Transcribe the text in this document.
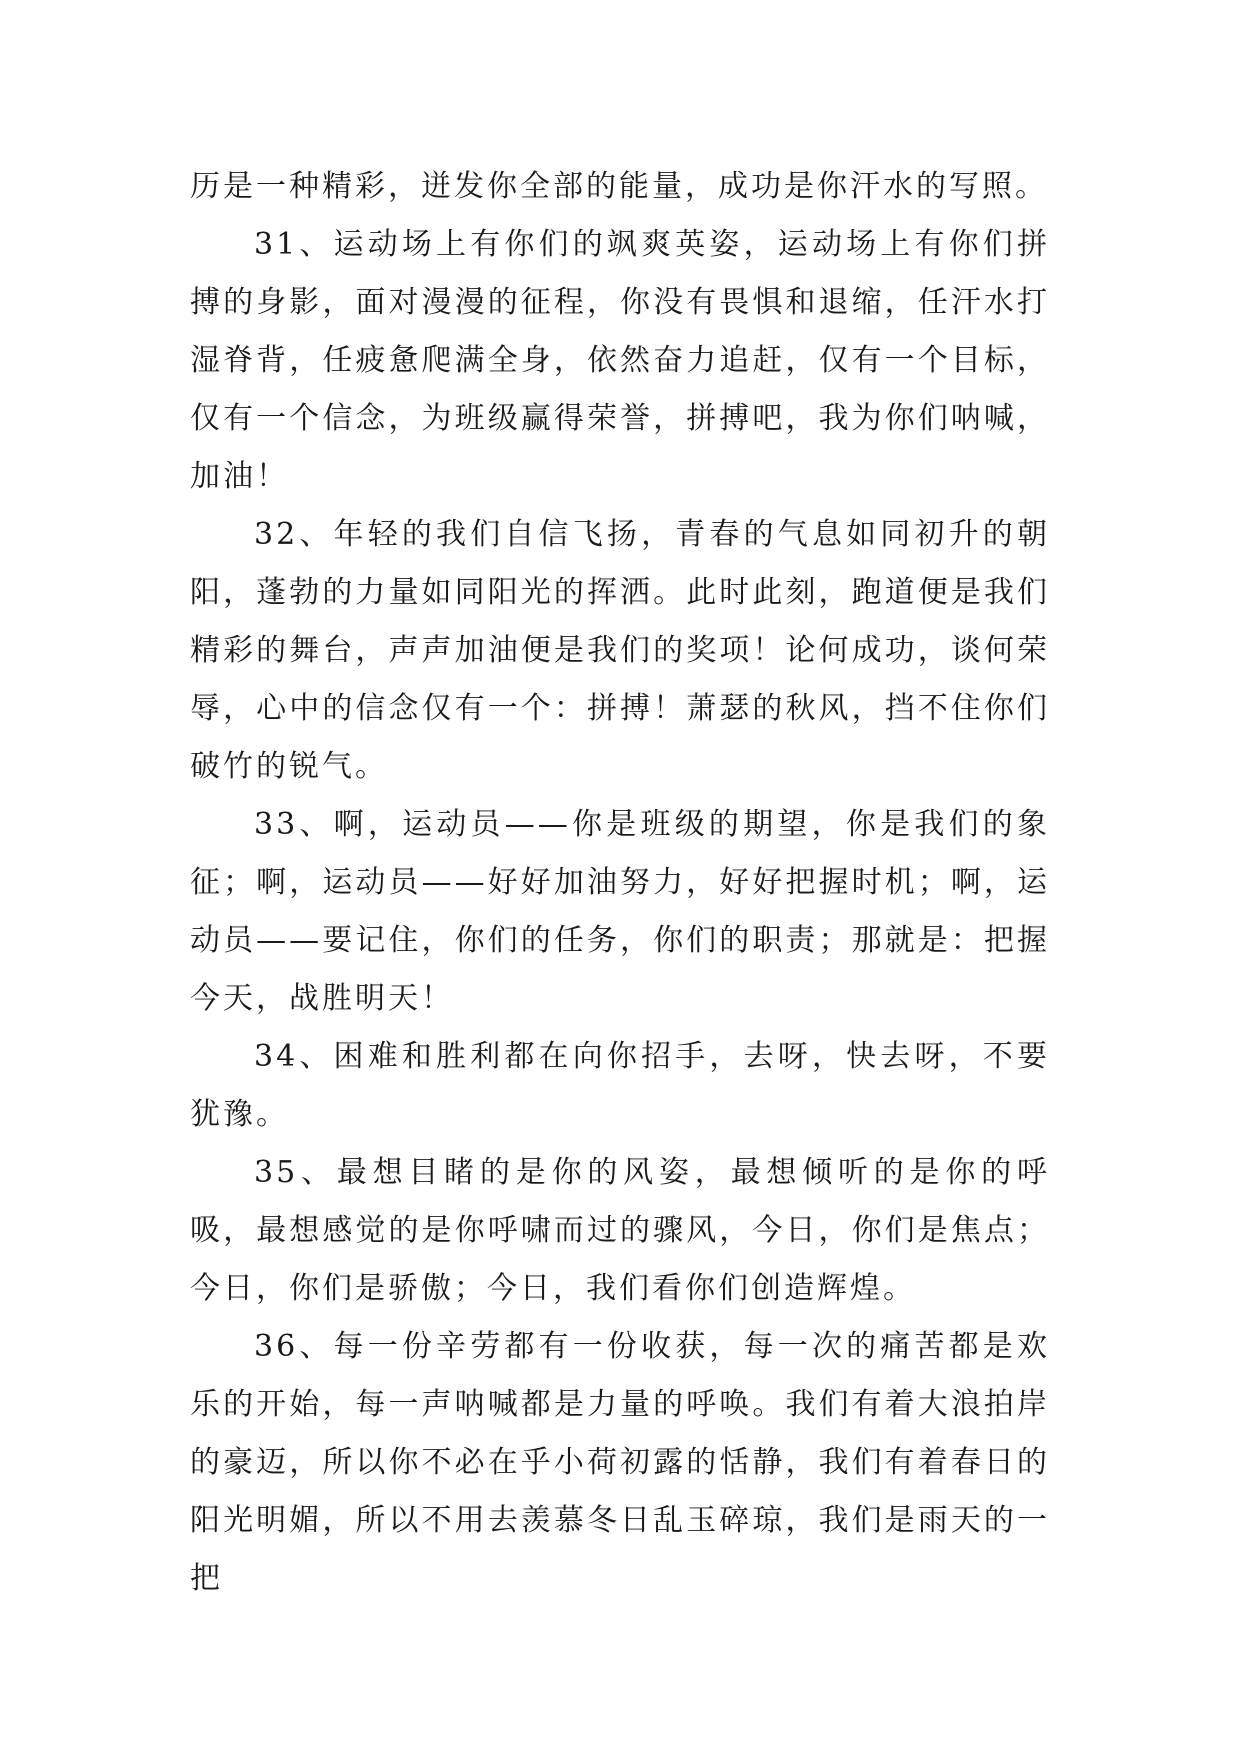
历是一种精彩，迸发你全部的能量，成功是你汗水的写照。

31、运动场上有你们的飒爽英姿，运动场上有你们拼搏的身影，面对漫漫的征程，你没有畏惧和退缩，任汗水打湿脊背，任疲惫爬满全身，依然奋力追赶，仅有一个目标，仅有一个信念，为班级赢得荣誉，拼搏吧，我为你们呐喊，加油！

32、年轻的我们自信飞扬，青春的气息如同初升的朝阳，蓬勃的力量如同阳光的挥洒。此时此刻，跑道便是我们精彩的舞台，声声加油便是我们的奖项！论何成功，谈何荣辱，心中的信念仅有一个：拼搏！萧瑟的秋风，挡不住你们破竹的锐气。

33、啊，运动员——你是班级的期望，你是我们的象征；啊，运动员——好好加油努力，好好把握时机；啊，运动员——要记住，你们的任务，你们的职责；那就是：把握今天，战胜明天！

34、困难和胜利都在向你招手，去呀，快去呀，不要犹豫。

35、最想目睹的是你的风姿，最想倾听的是你的呼吸，最想感觉的是你呼啸而过的骤风，今日，你们是焦点；今日，你们是骄傲；今日，我们看你们创造辉煌。

36、每一份辛劳都有一份收获，每一次的痛苦都是欢乐的开始，每一声呐喊都是力量的呼唤。我们有着大浪拍岸的豪迈，所以你不必在乎小荷初露的恬静，我们有着春日的阳光明媚，所以不用去羡慕冬日乱玉碎琼，我们是雨天的一把
